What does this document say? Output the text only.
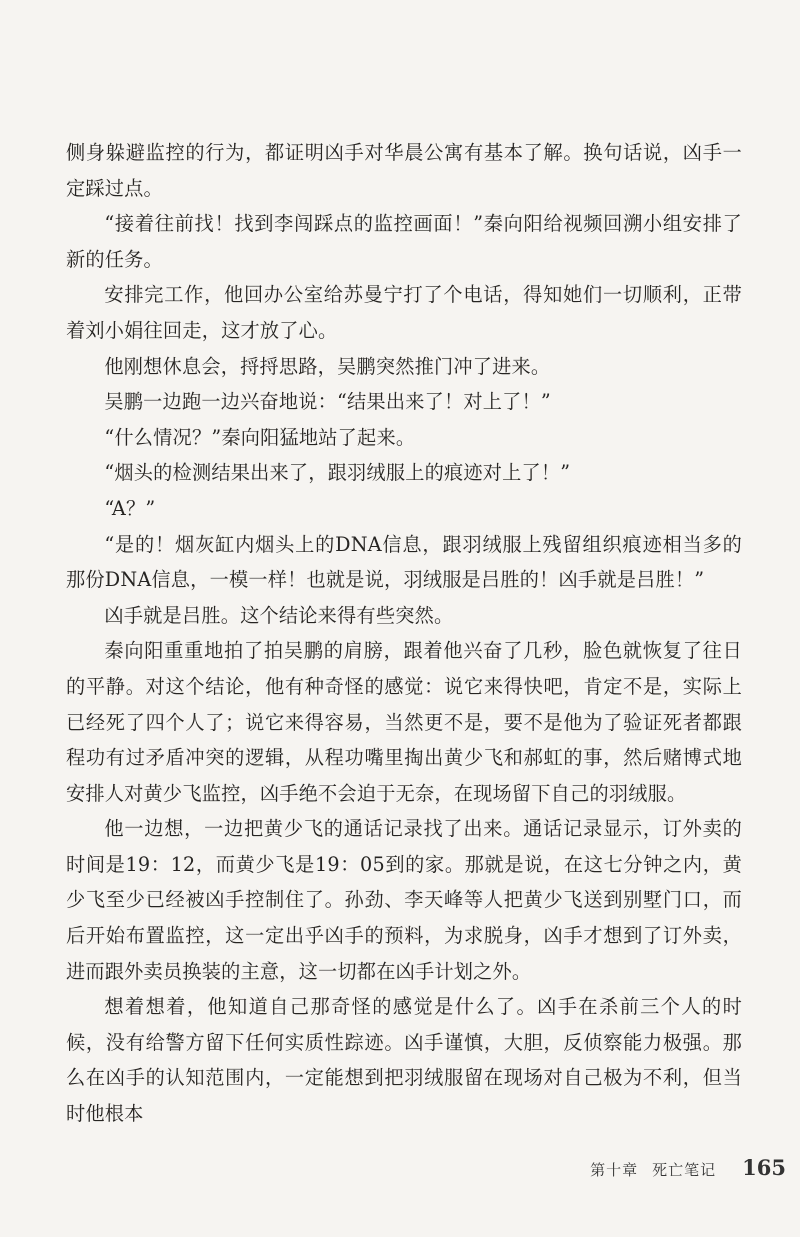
侧身躲避监控的行为，都证明凶手对华晨公寓有基本了解。换句话说，凶手一定踩过点。

“接着往前找！找到李闯踩点的监控画面！”秦向阳给视频回溯小组安排了新的任务。

安排完工作，他回办公室给苏曼宁打了个电话，得知她们一切顺利，正带着刘小娟往回走，这才放了心。

他刚想休息会，捋捋思路，吴鹏突然推门冲了进来。

吴鹏一边跑一边兴奋地说：“结果出来了！对上了！”

“什么情况？”秦向阳猛地站了起来。

“烟头的检测结果出来了，跟羽绒服上的痕迹对上了！”

“A？”

“是的！烟灰缸内烟头上的DNA信息，跟羽绒服上残留组织痕迹相当多的那份DNA信息，一模一样！也就是说，羽绒服是吕胜的！凶手就是吕胜！”

凶手就是吕胜。这个结论来得有些突然。

秦向阳重重地拍了拍吴鹏的肩膀，跟着他兴奋了几秒，脸色就恢复了往日的平静。对这个结论，他有种奇怪的感觉：说它来得快吧，肯定不是，实际上已经死了四个人了；说它来得容易，当然更不是，要不是他为了验证死者都跟程功有过矛盾冲突的逻辑，从程功嘴里掏出黄少飞和郝虹的事，然后赌博式地安排人对黄少飞监控，凶手绝不会迫于无奈，在现场留下自己的羽绒服。

他一边想，一边把黄少飞的通话记录找了出来。通话记录显示，订外卖的时间是19：12，而黄少飞是19：05到的家。那就是说，在这七分钟之内，黄少飞至少已经被凶手控制住了。孙劲、李天峰等人把黄少飞送到别墅门口，而后开始布置监控，这一定出乎凶手的预料，为求脱身，凶手才想到了订外卖，进而跟外卖员换装的主意，这一切都在凶手计划之外。

想着想着，他知道自己那奇怪的感觉是什么了。凶手在杀前三个人的时候，没有给警方留下任何实质性踪迹。凶手谨慎，大胆，反侦察能力极强。那么在凶手的认知范围内，一定能想到把羽绒服留在现场对自己极为不利，但当时他根本

第十章 死亡笔记 165
